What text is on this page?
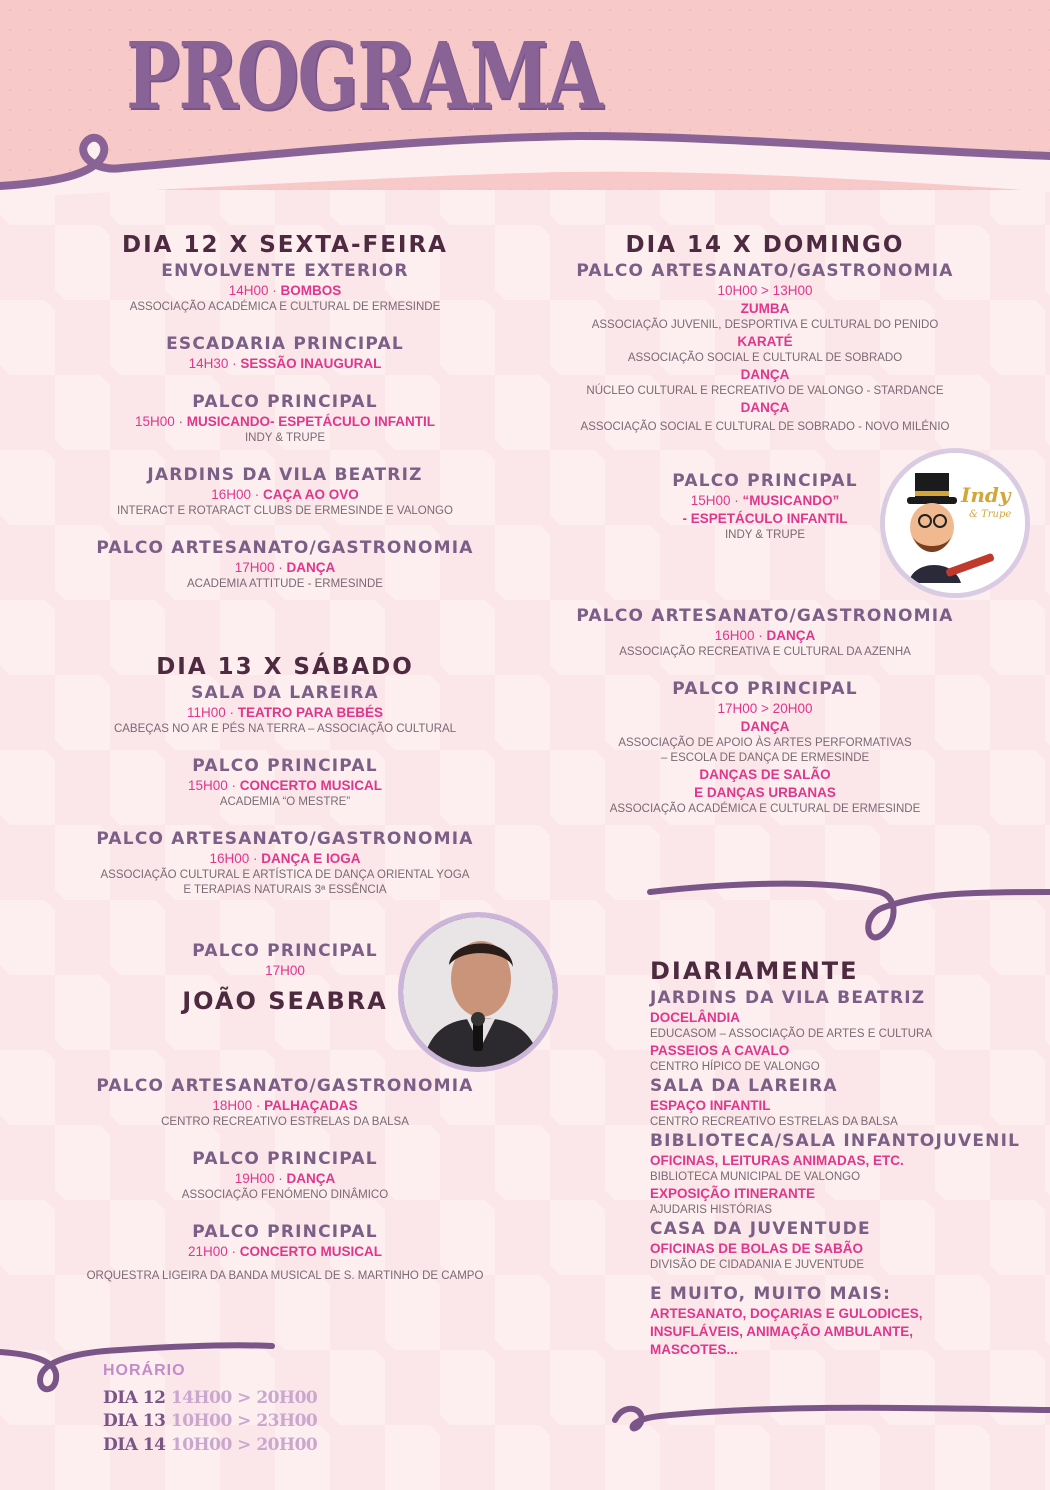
PROGRAMA
DIA 12 X SEXTA-FEIRA
ENVOLVENTE EXTERIOR
14H00 · BOMBOS
ASSOCIAÇÃO ACADÉMICA E CULTURAL DE ERMESINDE
ESCADARIA PRINCIPAL
14H30 · SESSÃO INAUGURAL
PALCO PRINCIPAL
15H00 · MUSICANDO- ESPETÁCULO INFANTIL
INDY & TRUPE
JARDINS DA VILA BEATRIZ
16H00 · CAÇA AO OVO
INTERACT E ROTARACT CLUBS DE ERMESINDE E VALONGO
PALCO ARTESANATO/GASTRONOMIA
17H00 · DANÇA
ACADEMIA ATTITUDE - ERMESINDE
DIA 13 X SÁBADO
SALA DA LAREIRA
11H00 · TEATRO PARA BEBÉS
CABEÇAS NO AR E PÉS NA TERRA – ASSOCIAÇÃO CULTURAL
PALCO PRINCIPAL
15H00 · CONCERTO MUSICAL
ACADEMIA “O MESTRE”
PALCO ARTESANATO/GASTRONOMIA
16H00 · DANÇA E IOGA
ASSOCIAÇÃO CULTURAL E ARTÍSTICA DE DANÇA ORIENTAL YOGA
E TERAPIAS NATURAIS 3ª ESSÊNCIA
PALCO PRINCIPAL
17H00
JOÃO SEABRA
PALCO ARTESANATO/GASTRONOMIA
18H00 · PALHAÇADAS
CENTRO RECREATIVO ESTRELAS DA BALSA
PALCO PRINCIPAL
19H00 · DANÇA
ASSOCIAÇÃO FENÓMENO DINÂMICO
PALCO PRINCIPAL
21H00 · CONCERTO MUSICAL
ORQUESTRA LIGEIRA DA BANDA MUSICAL DE S. MARTINHO DE CAMPO
DIA 14 X DOMINGO
PALCO ARTESANATO/GASTRONOMIA
10H00 > 13H00
ZUMBA
ASSOCIAÇÃO JUVENIL, DESPORTIVA E CULTURAL DO PENIDO
KARATÉ
ASSOCIAÇÃO SOCIAL E CULTURAL DE SOBRADO
DANÇA
NÚCLEO CULTURAL E RECREATIVO DE VALONGO - STARDANCE
DANÇA
ASSOCIAÇÃO SOCIAL E CULTURAL DE SOBRADO - NOVO MILÉNIO
PALCO PRINCIPAL
15H00 · “MUSICANDO”
- ESPETÁCULO INFANTIL
INDY & TRUPE
Indy
& Trupe
PALCO ARTESANATO/GASTRONOMIA
16H00 · DANÇA
ASSOCIAÇÃO RECREATIVA E CULTURAL DA AZENHA
PALCO PRINCIPAL
17H00 > 20H00
DANÇA
ASSOCIAÇÃO DE APOIO ÀS ARTES PERFORMATIVAS
– ESCOLA DE DANÇA DE ERMESINDE
DANÇAS DE SALÃO
E DANÇAS URBANAS
ASSOCIAÇÃO ACADÉMICA E CULTURAL DE ERMESINDE
DIARIAMENTE
JARDINS DA VILA BEATRIZ
DOCELÂNDIA
EDUCASOM – ASSOCIAÇÃO DE ARTES E CULTURA
PASSEIOS A CAVALO
CENTRO HÍPICO DE VALONGO
SALA DA LAREIRA
ESPAÇO INFANTIL
CENTRO RECREATIVO ESTRELAS DA BALSA
BIBLIOTECA/SALA INFANTOJUVENIL
OFICINAS, LEITURAS ANIMADAS, ETC.
BIBLIOTECA MUNICIPAL DE VALONGO
EXPOSIÇÃO ITINERANTE
AJUDARIS HISTÓRIAS
CASA DA JUVENTUDE
OFICINAS DE BOLAS DE SABÃO
DIVISÃO DE CIDADANIA E JUVENTUDE
E MUITO, MUITO MAIS:
ARTESANATO, DOÇARIAS E GULODICES,
INSUFLÁVEIS, ANIMAÇÃO AMBULANTE,
MASCOTES...
HORÁRIO
DIA 12 14H00 > 20H00
DIA 13 10H00 > 23H00
DIA 14 10H00 > 20H00
